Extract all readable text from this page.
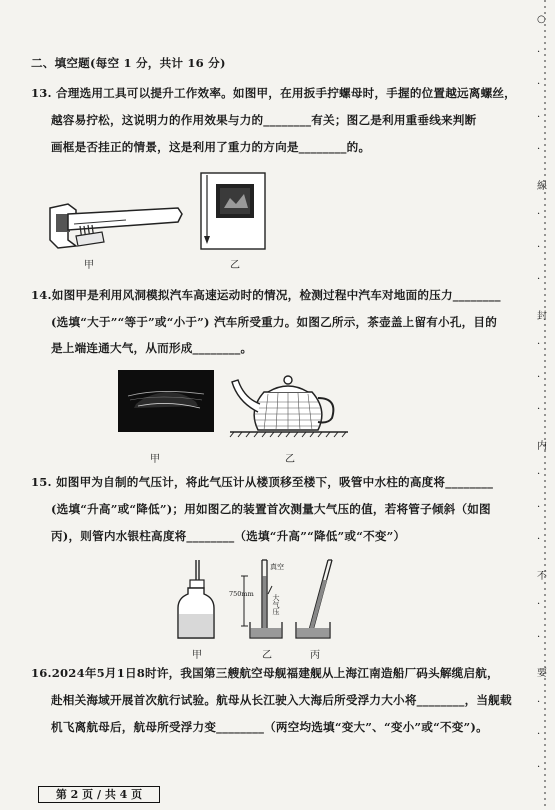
二、填空题(每空 1 分，共计 16 分)
13. 合理选用工具可以提升工作效率。如图甲，在用扳手拧螺母时，手握的位置越远离螺丝，
越容易拧松，这说明力的作用效果与力的________有关；图乙是利用重垂线来判断
画框是否挂正的情景，这是利用了重力的方向是________的。
甲	乙
14.如图甲是利用风洞模拟汽车高速运动时的情况，检测过程中汽车对地面的压力________
(选填“大于”“等于”或“小于”) 汽车所受重力。如图乙所示，茶壶盖上留有小孔，目的
是上端连通大气，从而形成________。
甲	乙
15. 如图甲为自制的气压计，将此气压计从楼顶移至楼下，吸管中水柱的高度将________
(选填“升高”或“降低”)；用如图乙的装置首次测量大气压的值，若将管子倾斜（如图
丙)，则管内水银柱高度将________（选填“升高”“降低”或“不变”）
甲
真空
750mm	大气压
乙	丙
16.2024年5月1日8时许，我国第三艘航空母舰福建舰从上海江南造船厂码头解缆启航，
赴相关海域开展首次航行试验。航母从长江驶入大海后所受浮力大小将________，当舰载
机飞离航母后，航母所受浮力变________（两空均选填“变大”、“变小”或“不变”)。
第 2 页 / 共 4 页
○
·
·
·
·
線
·
·
·
封
·
·
·
内
·
·
·
不
·
·
要
·
·
·
